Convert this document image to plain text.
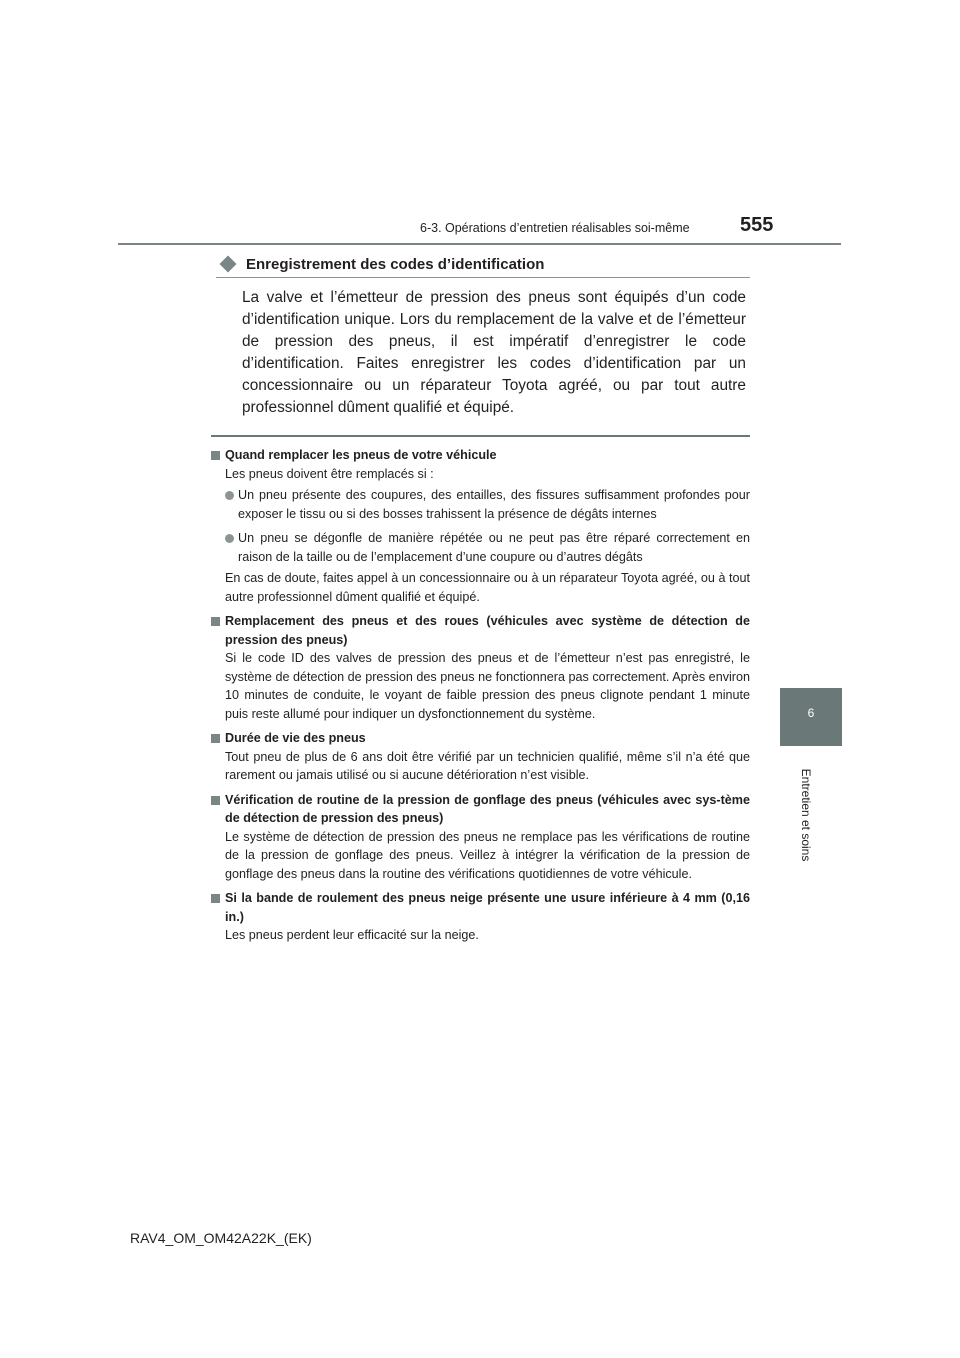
6-3. Opérations d’entretien réalisables soi-même	555
6
Entretien et soins
Enregistrement des codes d’identification
La valve et l’émetteur de pression des pneus sont équipés d’un code d’identification unique. Lors du remplacement de la valve et de l’émetteur de pression des pneus, il est impératif d’enregistrer le code d’identification. Faites enregistrer les codes d’identification par un concessionnaire ou un réparateur Toyota agréé, ou par tout autre professionnel dûment qualifié et équipé.
Quand remplacer les pneus de votre véhicule
Les pneus doivent être remplacés si :
Un pneu présente des coupures, des entailles, des fissures suffisamment profondes pour exposer le tissu ou si des bosses trahissent la présence de dégâts internes
Un pneu se dégonfle de manière répétée ou ne peut pas être réparé correctement en raison de la taille ou de l’emplacement d’une coupure ou d’autres dégâts
En cas de doute, faites appel à un concessionnaire ou à un réparateur Toyota agréé, ou à tout autre professionnel dûment qualifié et équipé.
Remplacement des pneus et des roues (véhicules avec système de détection de pression des pneus)
Si le code ID des valves de pression des pneus et de l’émetteur n’est pas enregistré, le système de détection de pression des pneus ne fonctionnera pas correctement. Après environ 10 minutes de conduite, le voyant de faible pression des pneus clignote pendant 1 minute puis reste allumé pour indiquer un dysfonctionnement du système.
Durée de vie des pneus
Tout pneu de plus de 6 ans doit être vérifié par un technicien qualifié, même s’il n’a été que rarement ou jamais utilisé ou si aucune détérioration n’est visible.
Vérification de routine de la pression de gonflage des pneus (véhicules avec sys-tème de détection de pression des pneus)
Le système de détection de pression des pneus ne remplace pas les vérifications de routine de la pression de gonflage des pneus. Veillez à intégrer la vérification de la pression de gonflage des pneus dans la routine des vérifications quotidiennes de votre véhicule.
Si la bande de roulement des pneus neige présente une usure inférieure à 4 mm (0,16 in.)
Les pneus perdent leur efficacité sur la neige.
RAV4_OM_OM42A22K_(EK)
